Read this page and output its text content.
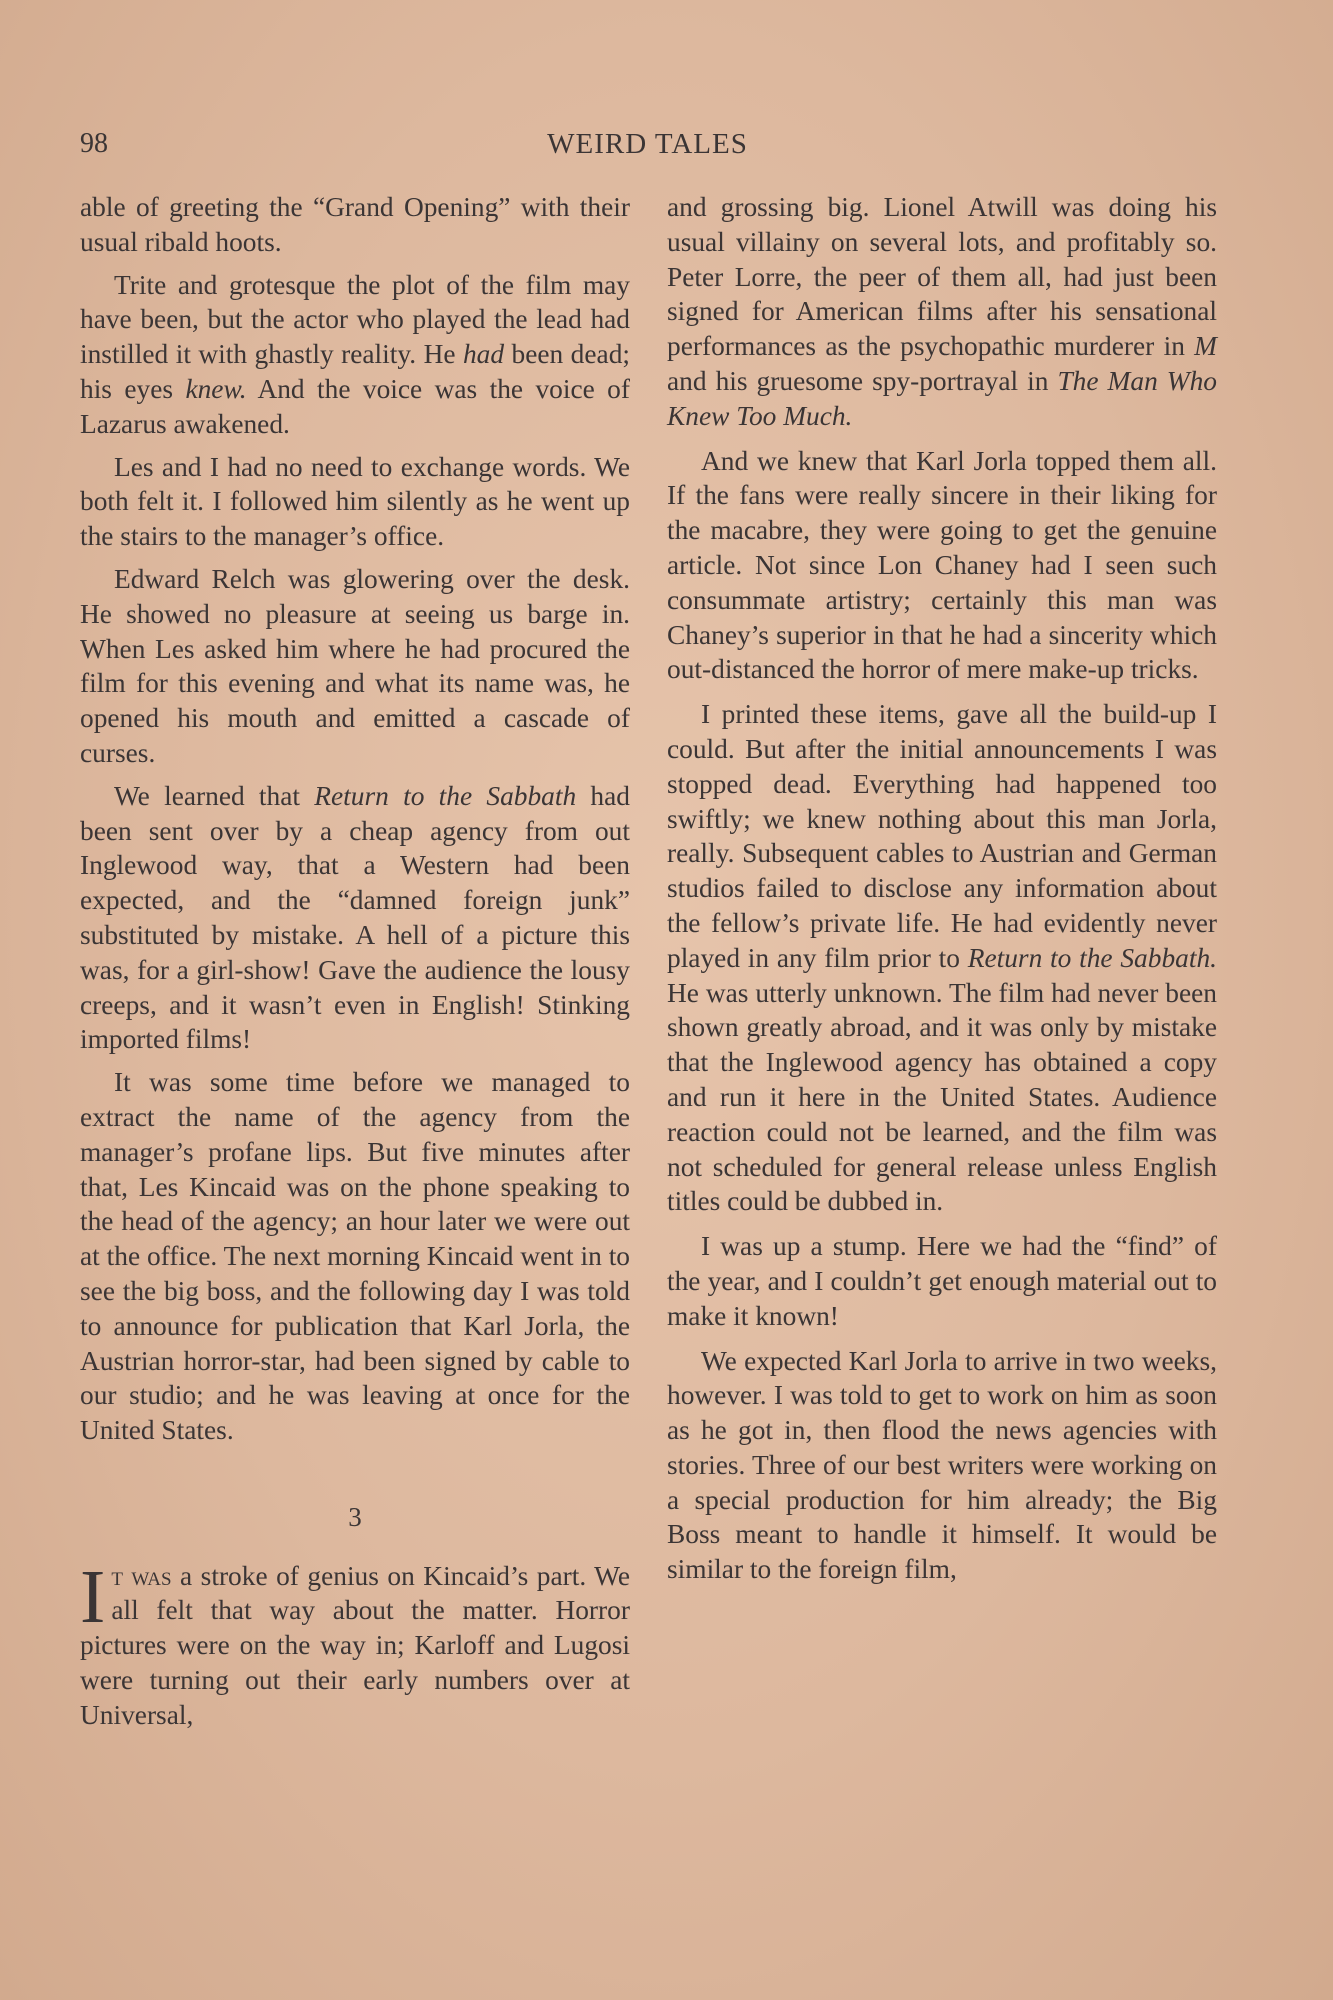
98	WEIRD TALES

able of greeting the “Grand Opening” with their usual ribald hoots.

Trite and grotesque the plot of the film may have been, but the actor who played the lead had instilled it with ghastly reality. He had been dead; his eyes knew. And the voice was the voice of Lazarus awakened.

Les and I had no need to exchange words. We both felt it. I followed him silently as he went up the stairs to the manager’s office.

Edward Relch was glowering over the desk. He showed no pleasure at seeing us barge in. When Les asked him where he had procured the film for this evening and what its name was, he opened his mouth and emitted a cascade of curses.

We learned that Return to the Sabbath had been sent over by a cheap agency from out Inglewood way, that a Western had been expected, and the “damned foreign junk” substituted by mistake. A hell of a picture this was, for a girl-show! Gave the audience the lousy creeps, and it wasn’t even in English! Stinking imported films!

It was some time before we managed to extract the name of the agency from the manager’s profane lips. But five minutes after that, Les Kincaid was on the phone speaking to the head of the agency; an hour later we were out at the office. The next morning Kincaid went in to see the big boss, and the following day I was told to announce for publication that Karl Jorla, the Austrian horror-star, had been signed by cable to our studio; and he was leaving at once for the United States.

3

It was a stroke of genius on Kincaid’s part. We all felt that way about the matter. Horror pictures were on the way in; Karloff and Lugosi were turning out their early numbers over at Universal,

and grossing big. Lionel Atwill was doing his usual villainy on several lots, and profitably so. Peter Lorre, the peer of them all, had just been signed for American films after his sensational performances as the psychopathic murderer in M and his gruesome spy-portrayal in The Man Who Knew Too Much.

And we knew that Karl Jorla topped them all. If the fans were really sincere in their liking for the macabre, they were going to get the genuine article. Not since Lon Chaney had I seen such consummate artistry; certainly this man was Chaney’s superior in that he had a sincerity which out-distanced the horror of mere make-up tricks.

I printed these items, gave all the build-up I could. But after the initial announcements I was stopped dead. Everything had happened too swiftly; we knew nothing about this man Jorla, really. Subsequent cables to Austrian and German studios failed to disclose any information about the fellow’s private life. He had evidently never played in any film prior to Return to the Sabbath. He was utterly unknown. The film had never been shown greatly abroad, and it was only by mistake that the Inglewood agency has obtained a copy and run it here in the United States. Audience reaction could not be learned, and the film was not scheduled for general release unless English titles could be dubbed in.

I was up a stump. Here we had the “find” of the year, and I couldn’t get enough material out to make it known!

We expected Karl Jorla to arrive in two weeks, however. I was told to get to work on him as soon as he got in, then flood the news agencies with stories. Three of our best writers were working on a special production for him already; the Big Boss meant to handle it himself. It would be similar to the foreign film,
